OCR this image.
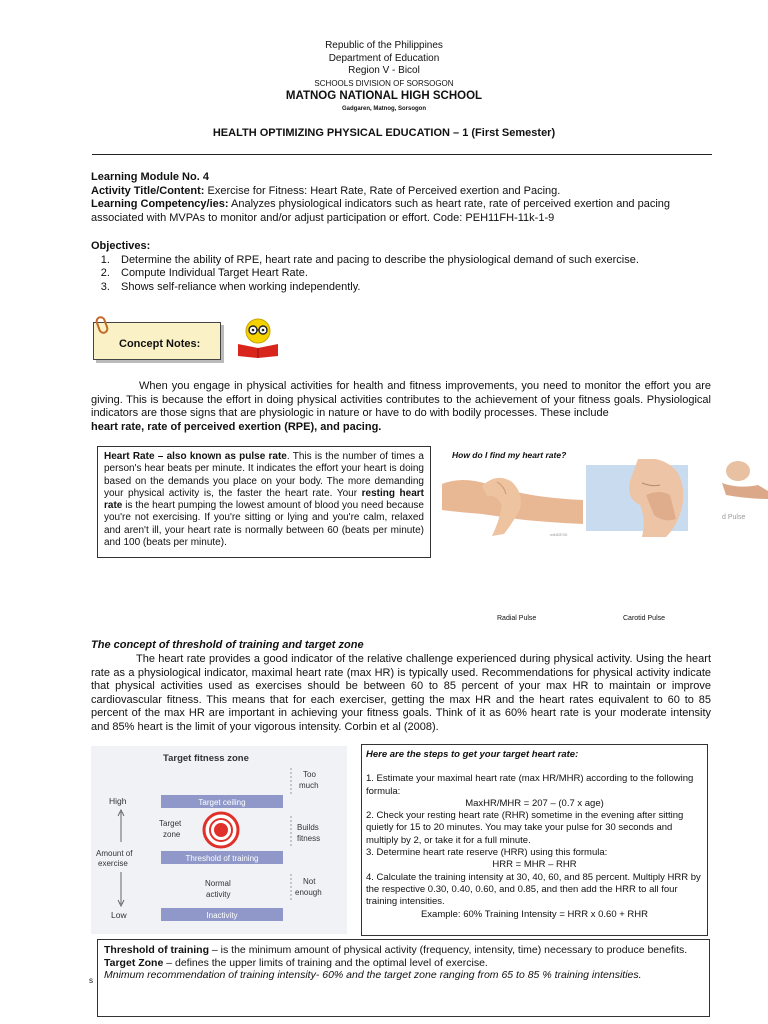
Republic of the Philippines
Department of Education
Region V - Bicol
SCHOOLS DIVISION OF SORSOGON
MATNOG NATIONAL HIGH SCHOOL
Gadgaren, Matnog, Sorsogon
HEALTH OPTIMIZING PHYSICAL EDUCATION – 1 (First Semester)
Learning Module No. 4
Activity Title/Content: Exercise for Fitness: Heart Rate, Rate of Perceived exertion and Pacing.
Learning Competency/ies: Analyzes physiological indicators such as heart rate, rate of perceived exertion and pacing associated with MVPAs to monitor and/or adjust participation or effort. Code: PEH11FH-11k-1-9
Objectives:
1. Determine the ability of RPE, heart rate and pacing to describe the physiological demand of such exercise.
2. Compute Individual Target Heart Rate.
3. Shows self-reliance when working independently.
Concept Notes:
When you engage in physical activities for health and fitness improvements, you need to monitor the effort you are giving. This is because the effort in doing physical activities contributes to the achievement of your fitness goals. Physiological indicators are those signs that are physiologic in nature or have to do with bodily processes. These include
heart rate, rate of perceived exertion (RPE), and pacing.
Heart Rate – also known as pulse rate. This is the number of times a person's hear beats per minute. It indicates the effort your heart is doing based on the demands you place on your body. The more demanding your physical activity is, the faster the heart rate. Your resting heart rate is the heart pumping the lowest amount of blood you need because you're not exercising. If you're sitting or lying and you're calm, relaxed and aren't ill, your heart rate is normally between 60 (beats per minute) and 100 (beats per minute).
How do I find my heart rate?
wikiDESK
d Pulse
Radial Pulse	Carotid Pulse
The concept of threshold of training and target zone
The heart rate provides a good indicator of the relative challenge experienced during physical activity. Using the heart rate as a physiological indicator, maximal heart rate (max HR) is typically used. Recommendations for physical activity indicate that physical activities used as exercises should be between 60 to 85 percent of your max HR to maintain or improve cardiovascular fitness. This means that for each exerciser, getting the max HR and the heart rates equivalent to 60 to 85 percent of the max HR are important in achieving your fitness goals. Think of it as 60% heart rate is your moderate intensity and 85% heart is the limit of your vigorous intensity. Corbin et al (2008).
Target fitness zone
High
Amount of
exercise
Low
Target ceiling
Threshold of training
Inactivity
Target
zone
Normal
activity
Too
much
Builds
fitness
Not
enough
Here are the steps to get your target heart rate:
1. Estimate your maximal heart rate (max HR/MHR) according to the following formula:
MaxHR/MHR = 207 – (0.7 x age)
2. Check your resting heart rate (RHR) sometime in the evening after sitting quietly for 15 to 20 minutes. You may take your pulse for 30 seconds and multiply by 2, or take it for a full minute.
3. Determine heart rate reserve (HRR) using this formula:
HRR = MHR – RHR
4. Calculate the training intensity at 30, 40, 60, and 85 percent. Multiply HRR by the respective 0.30, 0.40, 0.60, and 0.85, and then add the HRR to all four training intensities.
Example: 60% Training Intensity = HRR x 0.60 + RHR
s
Threshold of training – is the minimum amount of physical activity (frequency, intensity, time) necessary to produce benefits.
Target Zone – defines the upper limits of training and the optimal level of exercise.
Mnimum recommendation of training intensity- 60% and the target zone ranging from 65 to 85 % training intensities.
